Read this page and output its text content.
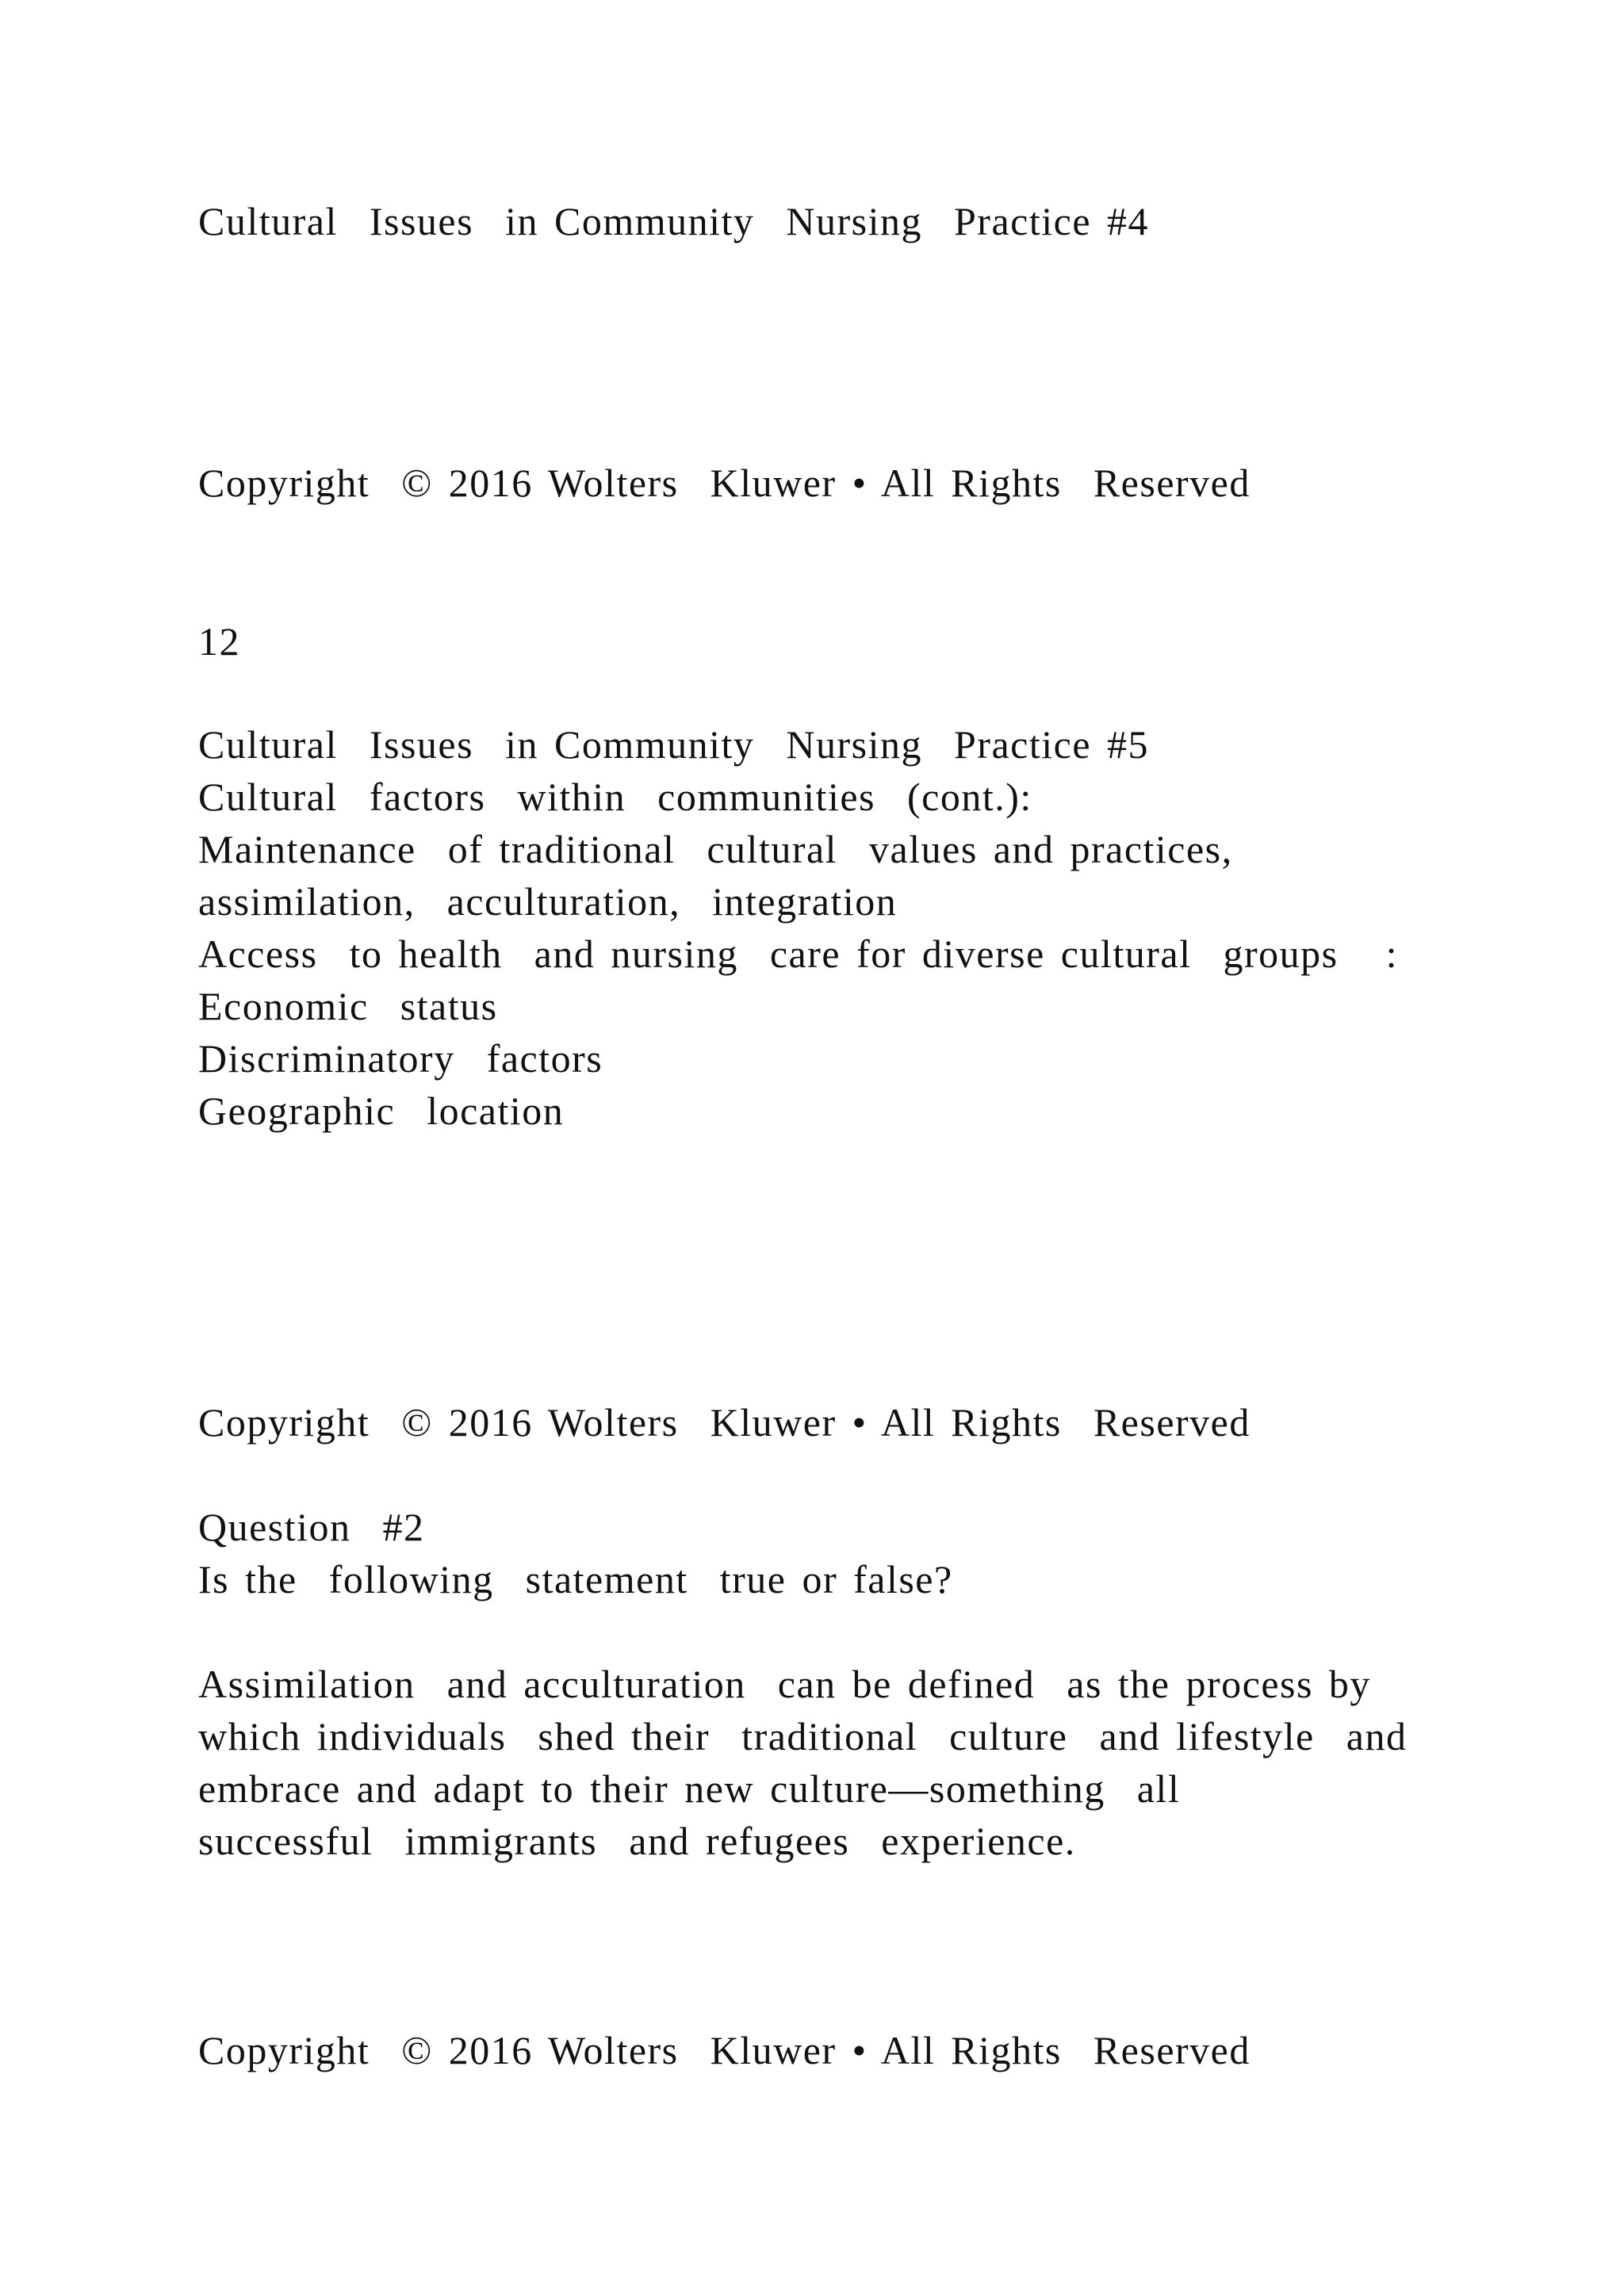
Cultural  Issues  in Community  Nursing  Practice #4

Copyright  © 2016 Wolters  Kluwer • All Rights  Reserved

12

Cultural  Issues  in Community  Nursing  Practice #5

Cultural  factors  within  communities  (cont.):

Maintenance  of traditional  cultural  values and practices,

assimilation,  acculturation,  integration

Access  to health  and nursing  care for diverse cultural  groups   :

Economic  status

Discriminatory  factors

Geographic  location

Copyright  © 2016 Wolters  Kluwer • All Rights  Reserved

Question  #2

Is the  following  statement  true or false?

Assimilation  and acculturation  can be defined  as the process by

which individuals  shed their  traditional  culture  and lifestyle  and

embrace and adapt to their new culture—something  all

successful  immigrants  and refugees  experience.

Copyright  © 2016 Wolters  Kluwer • All Rights  Reserved
